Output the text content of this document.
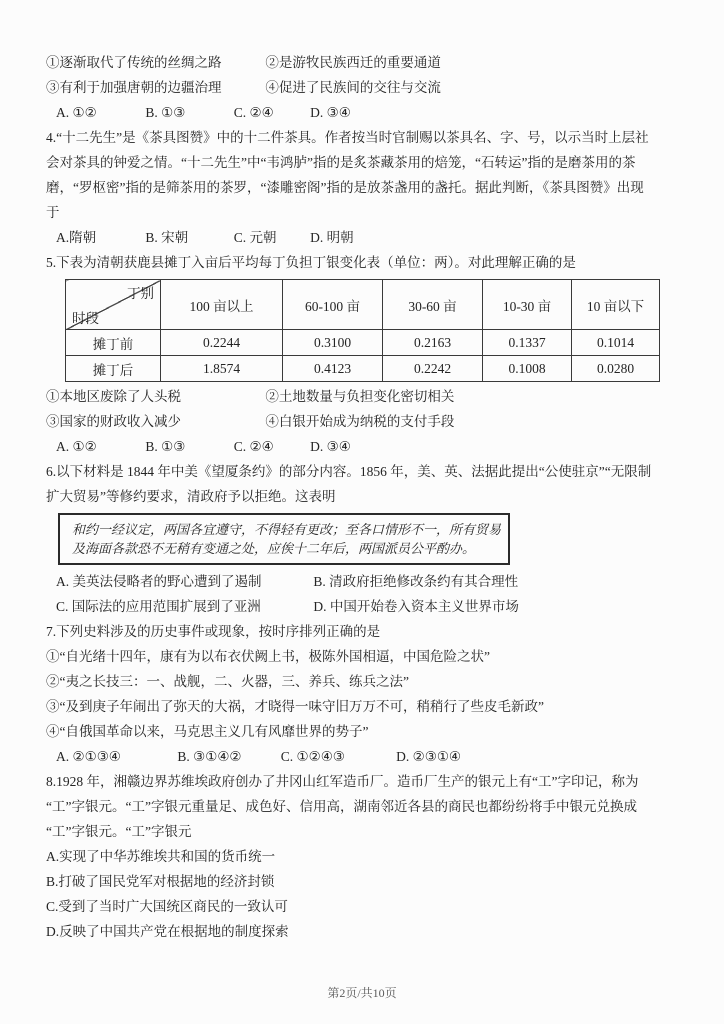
①逐渐取代了传统的丝绸之路	②是游牧民族西迁的重要通道
③有利于加强唐朝的边疆治理	④促进了民族间的交往与交流
A. ①②	B. ①③	C. ②④	D. ③④
4.“十二先生”是《茶具图赞》中的十二件茶具。作者按当时官制赐以茶具名、字、号，以示当时上层社
会对茶具的钟爱之情。“十二先生”中“韦鸿胪”指的是炙茶藏茶用的焙笼，“石转运”指的是磨茶用的茶
磨，“罗枢密”指的是筛茶用的茶罗，“漆雕密阁”指的是放茶盏用的盏托。据此判断，《茶具图赞》出现
于
A.隋朝	B. 宋朝	C. 元朝 D. 明朝
5.下表为清朝获鹿县摊丁入亩后平均每丁负担丁银变化表（单位：两）。对此理解正确的是
丁别
时段	100 亩以上	60-100 亩	30-60 亩	10-30 亩	10 亩以下
摊丁前	0.2244	0.3100	0.2163	0.1337	0.1014
摊丁后	1.8574	0.4123	0.2242	0.1008	0.0280
①本地区废除了人头税	②土地数量与负担变化密切相关
③国家的财政收入减少	④白银开始成为纳税的支付手段
A. ①②	B. ①③	C. ②④	D. ③④
6.以下材料是 1844 年中美《望厦条约》的部分内容。1856 年，美、英、法据此提出“公使驻京”“无限制
扩大贸易”等修约要求，清政府予以拒绝。这表明
和约一经议定，两国各宜遵守，不得轻有更改；至各口情形不一，所有贸易
及海面各款恐不无稍有变通之处，应俟十二年后，两国派员公平酌办。
A. 美英法侵略者的野心遭到了遏制	B. 清政府拒绝修改条约有其合理性
C. 国际法的应用范围扩展到了亚洲	D. 中国开始卷入资本主义世界市场
7.下列史料涉及的历史事件或现象，按时序排列正确的是
①“自光绪十四年，康有为以布衣伏阙上书，极陈外国相逼，中国危险之状”
②“夷之长技三：一、战舰，二、火器，三、养兵、练兵之法”
③“及到庚子年闹出了弥天的大祸，才晓得一味守旧万万不可，稍稍行了些皮毛新政”
④“自俄国革命以来，马克思主义几有风靡世界的势子”
A. ②①③④	B. ③①④②	C. ①②④③	D. ②③①④
8.1928 年，湘赣边界苏维埃政府创办了井冈山红军造币厂。造币厂生产的银元上有“工”字印记，称为
“工”字银元。“工”字银元重量足、成色好、信用高，湖南邻近各县的商民也都纷纷将手中银元兑换成
“工”字银元。“工”字银元
A.实现了中华苏维埃共和国的货币统一
B.打破了国民党军对根据地的经济封锁
C.受到了当时广大国统区商民的一致认可
D.反映了中国共产党在根据地的制度探索
第2页/共10页
